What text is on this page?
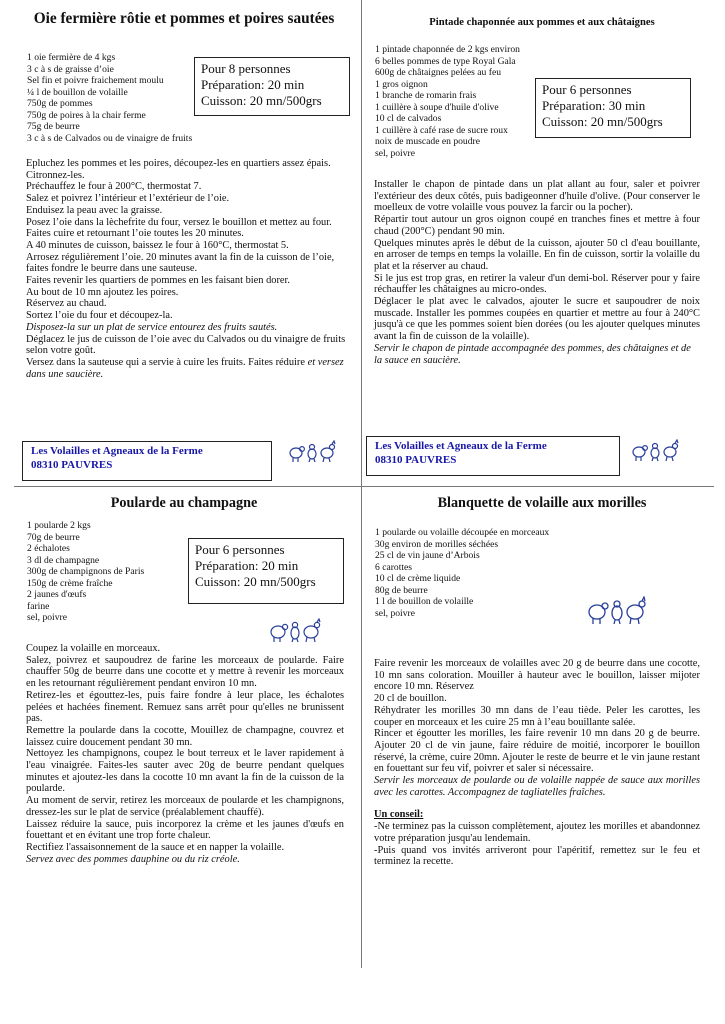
Oie fermière rôtie et pommes et poires sautées
1 oie fermière de 4 kgs
3 c à s de graisse d’oie
Sel fin et poivre fraichement moulu
¼ l de bouillon de volaille
750g de pommes
750g de poires à la chair ferme
75g de beurre
3 c à s de Calvados ou de vinaigre de fruits
Pour 8 personnes
Préparation: 20 min
Cuisson: 20 mn/500grs

Epluchez les pommes et les poires, découpez-les en quartiers assez épais. Citronnez-les.

Préchauffez le four à 200°C, thermostat 7.

Salez et poivrez l’intérieur et l’extérieur de l’oie.

Enduisez la peau avec la graisse.

Posez l’oie dans la lèchefrite du four, versez le bouillon et mettez au four. Faites cuire et retournant l’oie toutes les 20 minutes.

A 40 minutes de cuisson, baissez le four à 160°C, thermostat 5.

Arrosez régulièrement l’oie. 20 minutes avant la fin de la cuisson de l’oie, faites fondre le beurre dans une sauteuse.

Faites revenir les quartiers de pommes en les faisant bien dorer.

Au bout de 10 mn ajoutez les poires.

Réservez au chaud.

Sortez l’oie du four et découpez-la.

Disposez-la sur un plat de service entourez des fruits sautés.

Déglacez le jus de cuisson de l’oie avec du Calvados ou du vinaigre de fruits selon votre goût.

Versez dans la sauteuse qui a servie à cuire les fruits. Faites réduire et versez dans une saucière.

Les Volailles et Agneaux de la Ferme
08310 PAUVRES
Pintade chaponnée aux pommes et aux châtaignes
1 pintade chaponnée de 2 kgs environ
6 belles pommes de type Royal Gala
600g de châtaignes pelées au feu
1 gros oignon
1 branche de romarin frais
1 cuillère à soupe d'huile d'olive
10 cl de calvados
1 cuillère à café rase de sucre roux
noix de muscade en poudre
sel, poivre
Pour 6 personnes
Préparation: 30 min
Cuisson: 20 mn/500grs

Installer le chapon de pintade dans un plat allant au four, saler et poivrer l'extérieur des deux côtés, puis badigeonner d'huile d'olive. (Pour conserver le moelleux de votre volaille vous pouvez la farcir ou la pocher).

Répartir tout autour un gros oignon coupé en tranches fines et mettre à four chaud (200°C) pendant 90 min.

Quelques minutes après le début de la cuisson, ajouter 50 cl d'eau bouillante, en arroser de temps en temps la volaille. En fin de cuisson, sortir la volaille du plat et la réserver au chaud.

Si le jus est trop gras, en retirer la valeur d'un demi-bol. Réserver pour y faire réchauffer les châtaignes au micro-ondes.

Déglacer le plat avec le calvados, ajouter le sucre et saupoudrer de noix muscade. Installer les pommes coupées en quartier et mettre au four à 240°C jusqu'à ce que les pommes soient bien dorées (ou les ajouter quelques minutes avant la fin de cuisson de la volaille).

Servir le chapon de pintade accompagnée des pommes, des châtaignes et de la sauce en saucière.

Les Volailles et Agneaux de la Ferme
08310 PAUVRES
Poularde au champagne
1 poularde 2 kgs
70g de beurre
2 échalotes
3 dl de champagne
300g de champignons de Paris
150g de crème fraîche
2 jaunes d'œufs
farine
sel, poivre
Pour 6 personnes
Préparation: 20 min
Cuisson: 20 mn/500grs

Coupez la volaille en morceaux.

Salez, poivrez et saupoudrez de farine les morceaux de poularde. Faire chauffer 50g de beurre dans une cocotte et y mettre à revenir les morceaux en les retournant régulièrement pendant environ 10 mn.

Retirez-les et égouttez-les, puis faire fondre à leur place, les échalotes pelées et hachées finement. Remuez sans arrêt pour qu'elles ne brunissent pas.

Remettre la poularde dans la cocotte, Mouillez de champagne, couvrez et laissez cuire doucement pendant 30 mn.

Nettoyez les champignons, coupez le bout terreux et le laver rapidement à l'eau vinaigrée. Faites-les sauter avec 20g de beurre pendant quelques minutes et ajoutez-les dans la cocotte 10 mn avant la fin de la cuisson de la poularde.

Au moment de servir, retirez les morceaux de poularde et les champignons, dressez-les sur le plat de service (préalablement chauffé).

Laissez réduire la sauce, puis incorporez la crème et les jaunes d'œufs en fouettant et en évitant une trop forte chaleur.

Rectifiez l'assaisonnement de la sauce et en napper la volaille.

Servez avec des pommes dauphine ou du riz créole.

Blanquette de volaille aux morilles
1 poularde ou volaille découpée en morceaux
30g environ de morilles séchées
25 cl de vin jaune d’Arbois
6 carottes
10 cl de crème liquide
80g de beurre
1 l de bouillon de volaille
sel, poivre

Faire revenir les morceaux de volailles avec 20 g de beurre dans une cocotte, 10 mn sans coloration. Mouiller à hauteur avec le bouillon, laisser mijoter encore 10 mn. Réservez

20 cl de bouillon.

Réhydrater les morilles 30 mn dans de l’eau tiède. Peler les carottes, les couper en morceaux et les cuire 25 mn à l’eau bouillante salée.

Rincer et égoutter les morilles, les faire revenir 10 mn dans 20 g de beurre. Ajouter 20 cl de vin jaune, faire réduire de moitié, incorporer le bouillon réservé, la crème, cuire 20mn. Ajouter le reste de beurre et le vin jaune restant en fouettant sur feu vif, poivrer et saler si nécessaire.

Servir les morceaux de poularde ou de volaille nappée de sauce aux morilles avec les carottes. Accompagnez de tagliatelles fraîches.

Un conseil:

-Ne terminez pas la cuisson complètement, ajoutez les morilles et abandonnez votre préparation jusqu'au lendemain.

-Puis quand vos invités arriveront pour l'apéritif, remettez sur le feu et terminez la recette.
